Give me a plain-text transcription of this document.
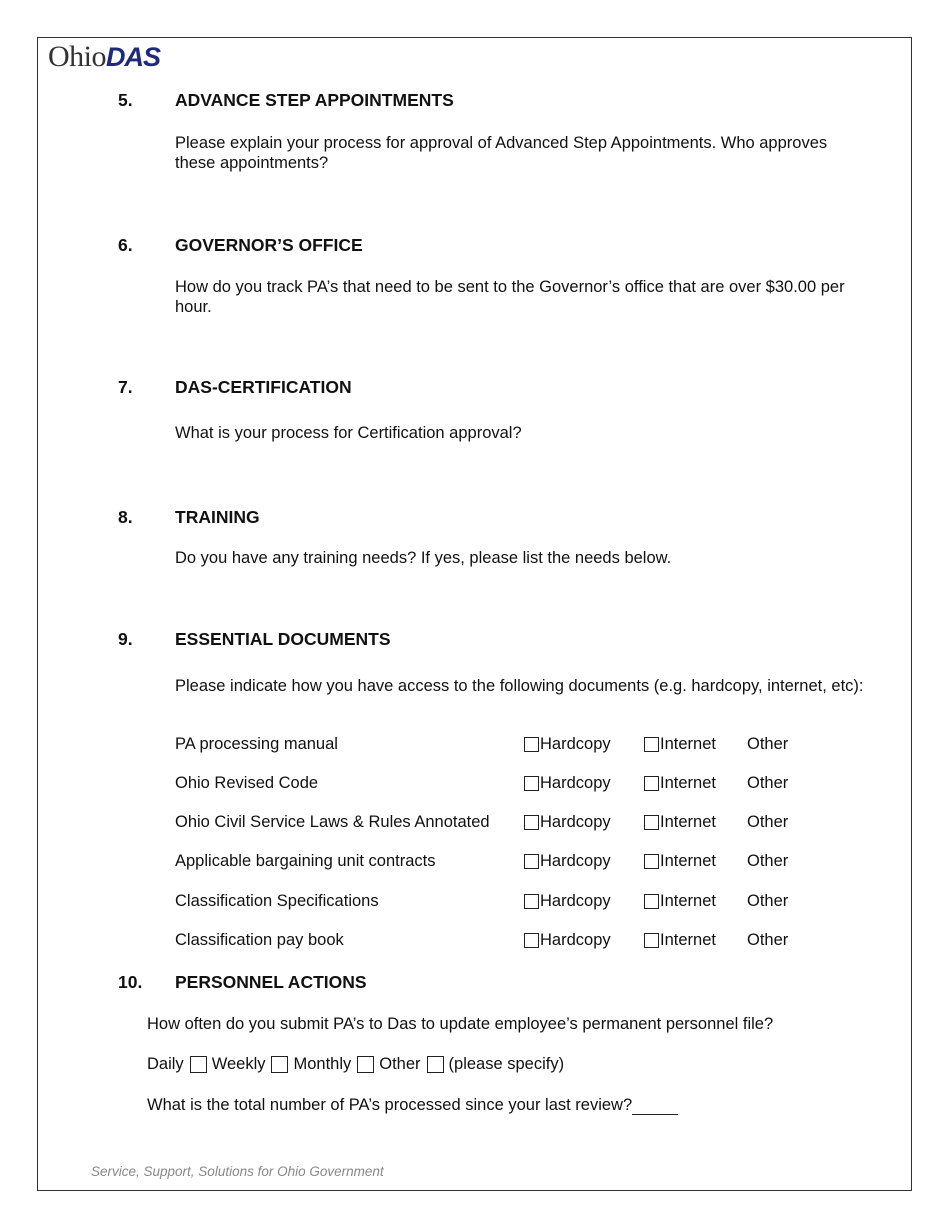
Ohio DAS
5. ADVANCE STEP APPOINTMENTS
Please explain your process for approval of Advanced Step Appointments. Who approves these appointments?
6. GOVERNOR’S OFFICE
How do you track PA’s that need to be sent to the Governor’s office that are over $30.00 per hour.
7. DAS-CERTIFICATION
What is your process for Certification approval?
8. TRAINING
Do you have any training needs? If yes, please list the needs below.
9. ESSENTIAL DOCUMENTS
Please indicate how you have access to the following documents (e.g. hardcopy, internet, etc):
PA processing manual	Hardcopy	Internet Other
Ohio Revised Code	Hardcopy	Internet Other
Ohio Civil Service Laws & Rules Annotated	Hardcopy	Internet Other
Applicable bargaining unit contracts	Hardcopy	Internet Other
Classification Specifications	Hardcopy	Internet Other
Classification pay book	Hardcopy	Internet Other
10. PERSONNEL ACTIONS
How often do you submit PA’s to Das to update employee’s permanent personnel file?
Daily Weekly Monthly Other (please specify)
What is the total number of PA’s processed since your last review?
Service, Support, Solutions for Ohio Government
